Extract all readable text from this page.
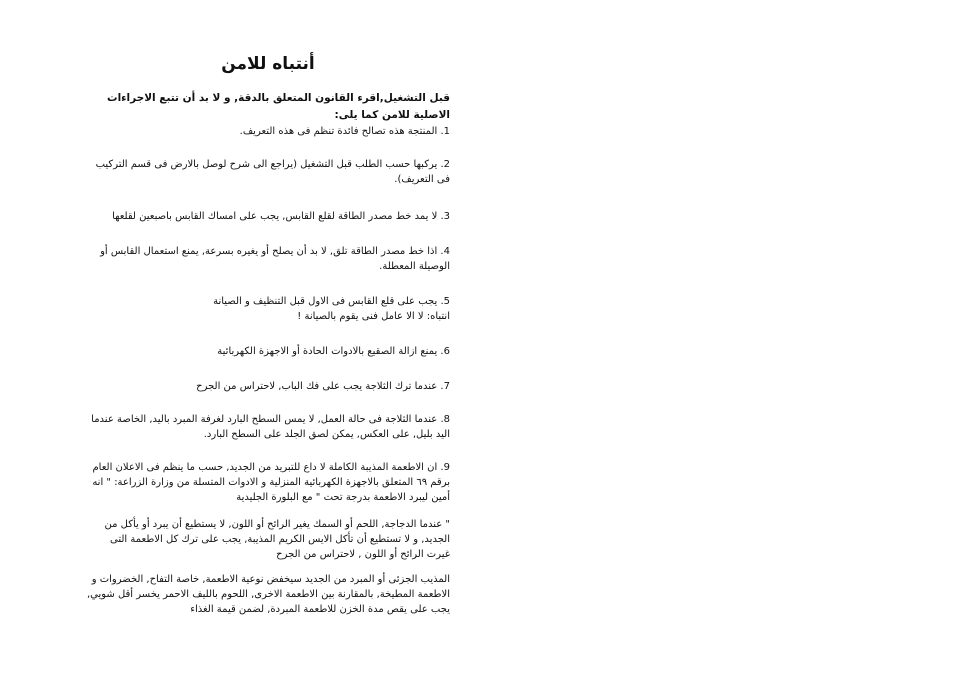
أنتباه للامن

قبل التشغيل,اقرء القانون المتعلق بالدقة, و لا بد أن تتبع الاجراءات الاصلية للامن كما يلى:

1. المنتجة هذه تصالح فائدة تنظم فى هذه التعريف.

2. يركبها حسب الطلب قبل التشغيل (يراجع الى شرح لوصل بالارض فى قسم التركيب فى التعريف).

3. لا يمد خط مصدر الطاقة لقلع القابس, يجب على امساك القابس باصبعين لقلعها

4. اذا خط مصدر الطاقة تلق, لا بد أن يصلح أو يغيره بسرعة, يمنع استعمال القابس أو الوصيلة المعطلة.

5. يجب على قلع القابس فى الاول قبل التنظيف و الصيانة
انتباه: لا الا عامل فنى يقوم بالصيانة !

6. يمنع ازالة الصقيع بالادوات الحادة أو الاجهزة الكهربائية

7. عندما ترك الثلاجة يجب على فك الباب, لاحتراس من الجرح

8. عندما الثلاجة فى حالة العمل, لا يمس السطح البارد لغرفة المبرد باليد, الخاصة عندما اليد بليل, على العكس, يمكن لصق الجلد على السطح البارد.

9. ان الاطعمة المذيبة الكاملة لا داع للتبريد من الجديد, حسب ما ينظم فى الاعلان العام برقم ٦٩ المتعلق بالاجهزة الكهربائية المنزلية و الادوات المتسلة من وزارة الزراعة: " انه أمين ليبرد الاطعمة بدرجة تحت " مع البلورة الجليدية

" عندما الدجاجة, اللحم أو السمك يغير الرائح أو اللون, لا يستطيع أن يبرد أو يأكل من الجديد, و لا تستطيع أن تأكل الايس الكريم المذيبة, يجب على ترك كل الاطعمة التى غيرت الرائح أو اللون , لاحتراس من الجرح

المذيب الجزئى أو المبرد من الجديد سيخفض نوعية الاطعمة, خاصة التفاح, الخضروات و الاطعمة المطيخة, بالمقارنة بين الاطعمة الاخرى, اللحوم بالليف الاحمر يخسر أقل شويي, يجب على يقص مدة الخزن للاطعمة المبردة, لضمن قيمة الغذاء
